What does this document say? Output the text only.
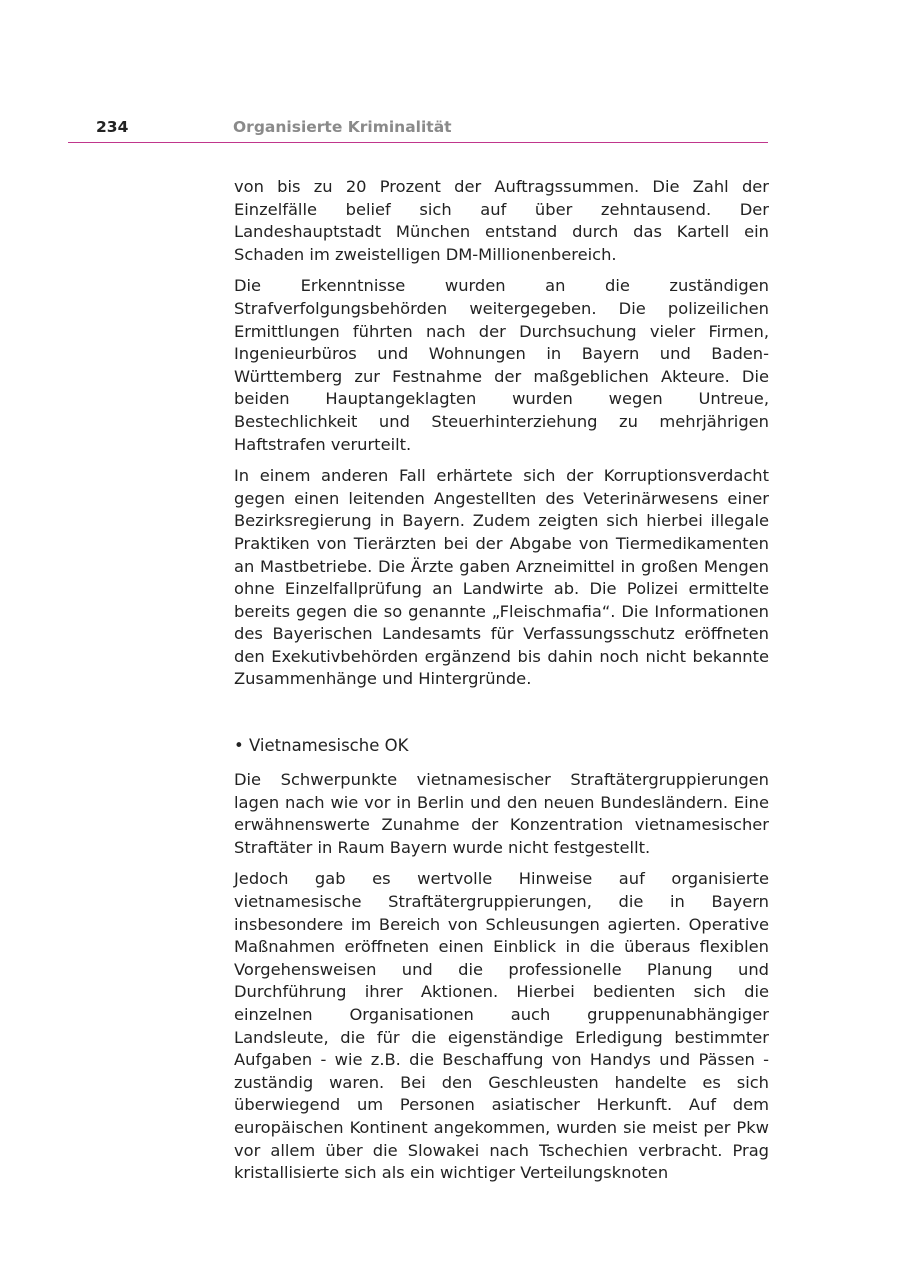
234	Organisierte Kriminalität

von bis zu 20 Prozent der Auftragssummen. Die Zahl der Einzelfälle belief sich auf über zehntausend. Der Landeshauptstadt München entstand durch das Kartell ein Schaden im zweistelligen DM-Millionenbereich.

Die Erkenntnisse wurden an die zuständigen Strafverfolgungsbehörden weitergegeben. Die polizeilichen Ermittlungen führten nach der Durchsuchung vieler Firmen, Ingenieurbüros und Wohnungen in Bayern und Baden-Württemberg zur Festnahme der maßgeblichen Akteure. Die beiden Hauptangeklagten wurden wegen Untreue, Bestechlichkeit und Steuerhinterziehung zu mehrjährigen Haftstrafen verurteilt.

In einem anderen Fall erhärtete sich der Korruptionsverdacht gegen einen leitenden Angestellten des Veterinärwesens einer Bezirksregierung in Bayern. Zudem zeigten sich hierbei illegale Praktiken von Tierärzten bei der Abgabe von Tiermedikamenten an Mastbetriebe. Die Ärzte gaben Arzneimittel in großen Mengen ohne Einzelfallprüfung an Landwirte ab. Die Polizei ermittelte bereits gegen die so genannte „Fleischmafia“. Die Informationen des Bayerischen Landesamts für Verfassungsschutz eröffneten den Exekutivbehörden ergänzend bis dahin noch nicht bekannte Zusammenhänge und Hintergründe.

• Vietnamesische OK

Die Schwerpunkte vietnamesischer Straftätergruppierungen lagen nach wie vor in Berlin und den neuen Bundesländern. Eine erwähnenswerte Zunahme der Konzentration vietnamesischer Straftäter in Raum Bayern wurde nicht festgestellt.

Jedoch gab es wertvolle Hinweise auf organisierte vietnamesische Straftätergruppierungen, die in Bayern insbesondere im Bereich von Schleusungen agierten. Operative Maßnahmen eröffneten einen Einblick in die überaus flexiblen Vorgehensweisen und die professionelle Planung und Durchführung ihrer Aktionen. Hierbei bedienten sich die einzelnen Organisationen auch gruppenunabhängiger Landsleute, die für die eigenständige Erledigung bestimmter Aufgaben - wie z.B. die Beschaffung von Handys und Pässen - zuständig waren. Bei den Geschleusten handelte es sich überwiegend um Personen asiatischer Herkunft. Auf dem europäischen Kontinent angekommen, wurden sie meist per Pkw vor allem über die Slowakei nach Tschechien verbracht. Prag kristallisierte sich als ein wichtiger Verteilungsknoten
